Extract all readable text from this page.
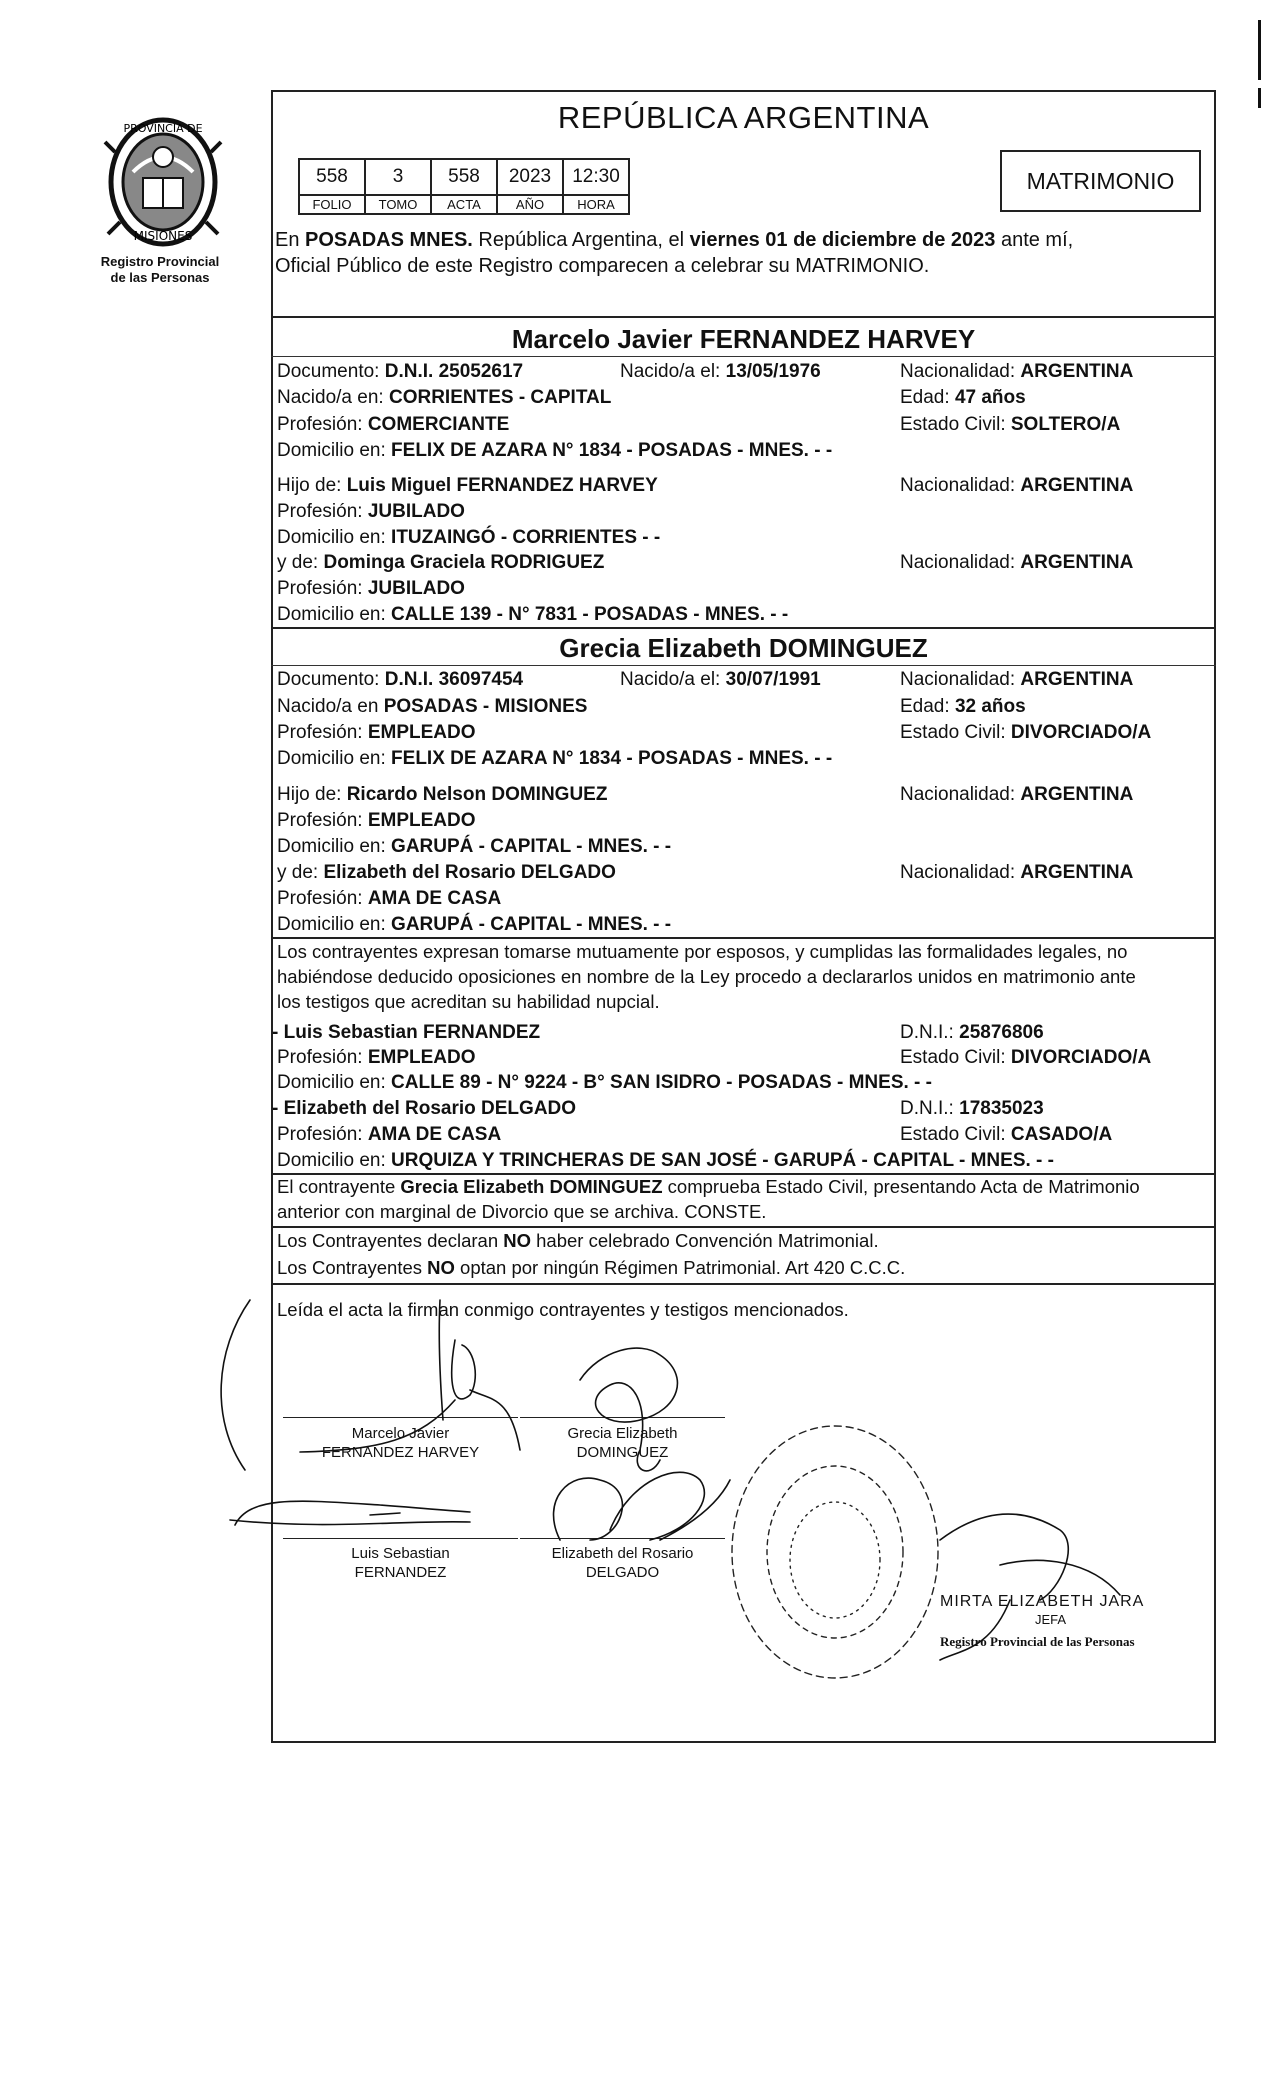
PROVINCIA DE
MISIONES
Registro Provincial
de las Personas
REPÚBLICA ARGENTINA
558	3	558	2023	12:30
FOLIO	TOMO	ACTA	AÑO	HORA
MATRIMONIO
En POSADAS MNES. República Argentina, el viernes 01 de diciembre de 2023 ante mí,
Oficial Público de este Registro comparecen a celebrar su MATRIMONIO.
Marcelo Javier FERNANDEZ HARVEY
Documento: D.N.I. 25052617	Nacido/a el: 13/05/1976	Nacionalidad: ARGENTINA
Nacido/a en: CORRIENTES - CAPITAL	Edad: 47 años
Profesión: COMERCIANTE	Estado Civil: SOLTERO/A
Domicilio en: FELIX DE AZARA N° 1834 - POSADAS - MNES. - -
Hijo de: Luis Miguel FERNANDEZ HARVEY	Nacionalidad: ARGENTINA
Profesión: JUBILADO
Domicilio en: ITUZAINGÓ - CORRIENTES - -
y de: Dominga Graciela RODRIGUEZ	Nacionalidad: ARGENTINA
Profesión: JUBILADO
Domicilio en: CALLE 139 - N° 7831 - POSADAS - MNES. - -
Grecia Elizabeth DOMINGUEZ
Documento: D.N.I. 36097454	Nacido/a el: 30/07/1991	Nacionalidad: ARGENTINA
Nacido/a en POSADAS - MISIONES	Edad: 32 años
Profesión: EMPLEADO	Estado Civil: DIVORCIADO/A
Domicilio en: FELIX DE AZARA N° 1834 - POSADAS - MNES. - -
Hijo de: Ricardo Nelson DOMINGUEZ	Nacionalidad: ARGENTINA
Profesión: EMPLEADO
Domicilio en: GARUPÁ - CAPITAL - MNES. - -
y de: Elizabeth del Rosario DELGADO	Nacionalidad: ARGENTINA
Profesión: AMA DE CASA
Domicilio en: GARUPÁ - CAPITAL - MNES. - -
Los contrayentes expresan tomarse mutuamente por esposos, y cumplidas las formalidades legales, no
habiéndose deducido oposiciones en nombre de la Ley procedo a declararlos unidos en matrimonio ante
los testigos que acreditan su habilidad nupcial.
- Luis Sebastian FERNANDEZ	D.N.I.: 25876806
Profesión: EMPLEADO	Estado Civil: DIVORCIADO/A
Domicilio en: CALLE 89 - N° 9224 - B° SAN ISIDRO - POSADAS - MNES. - -
- Elizabeth del Rosario DELGADO	D.N.I.: 17835023
Profesión: AMA DE CASA	Estado Civil: CASADO/A
Domicilio en: URQUIZA Y TRINCHERAS DE SAN JOSÉ - GARUPÁ - CAPITAL - MNES. - -
El contrayente Grecia Elizabeth DOMINGUEZ comprueba Estado Civil, presentando Acta de Matrimonio
anterior con marginal de Divorcio que se archiva. CONSTE.
Los Contrayentes declaran NO haber celebrado Convención Matrimonial.
Los Contrayentes NO optan por ningún Régimen Patrimonial. Art 420 C.C.C.
Leída el acta la firman conmigo contrayentes y testigos mencionados.
Marcelo Javier
FERNANDEZ HARVEY
Grecia Elizabeth
DOMINGUEZ
Luis Sebastian
FERNANDEZ
Elizabeth del Rosario
DELGADO
MIRTA ELIZABETH JARA
JEFA
Registro Provincial de las Personas
